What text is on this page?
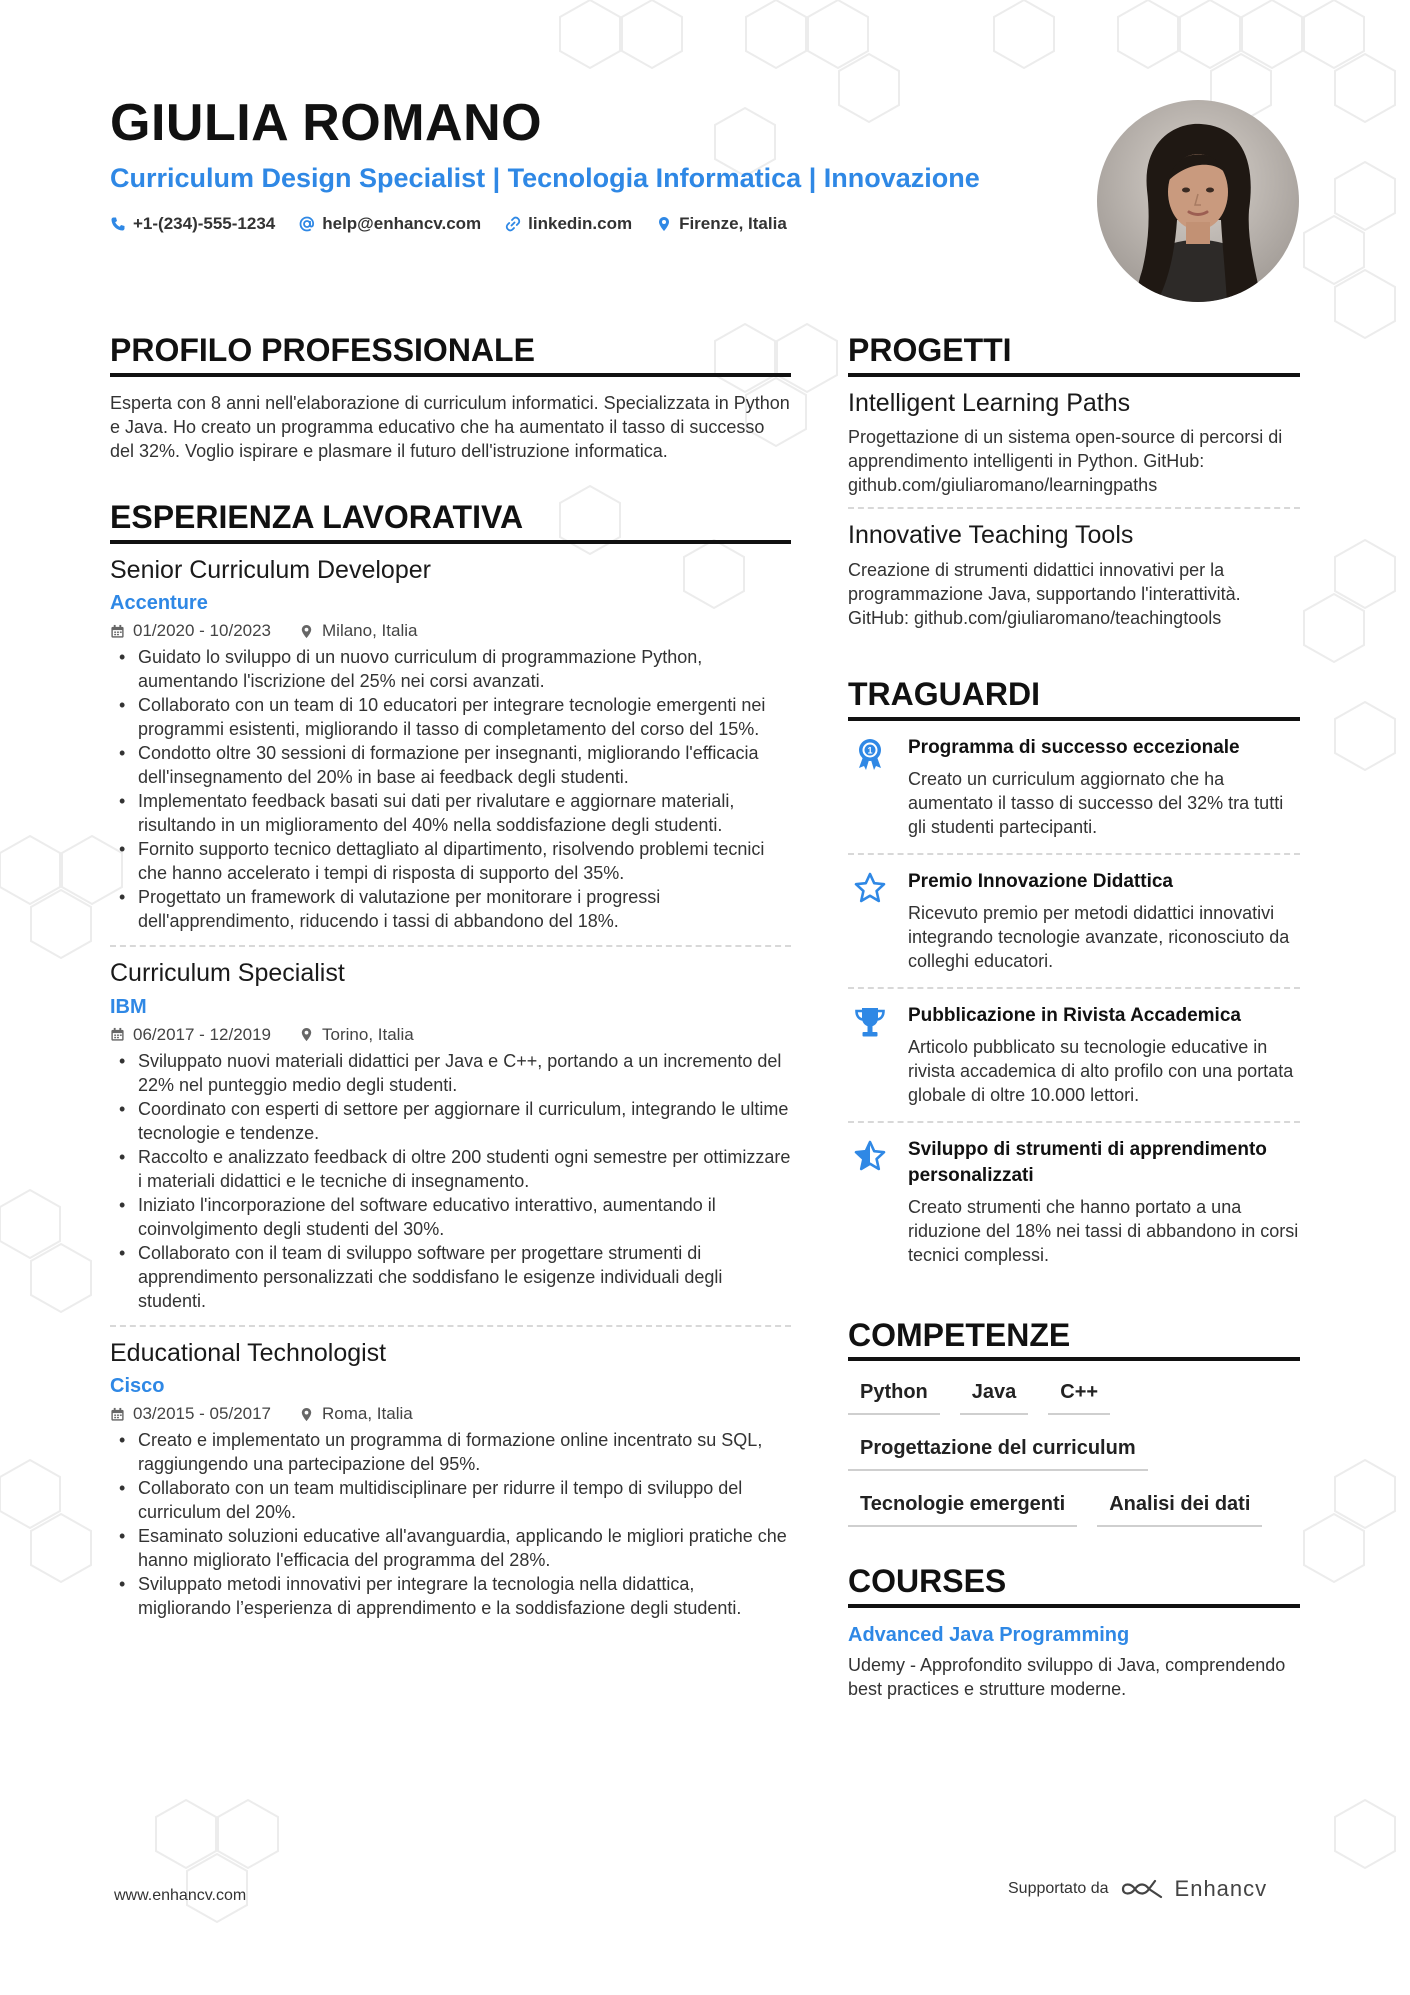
GIULIA ROMANO
Curriculum Design Specialist | Tecnologia Informatica | Innovazione
+1-(234)-555-1234	help@enhancv.com	linkedin.com	Firenze, Italia
PROFILO PROFESSIONALE
Esperta con 8 anni nell'elaborazione di curriculum informatici. Specializzata in Python e Java. Ho creato un programma educativo che ha aumentato il tasso di successo del 32%. Voglio ispirare e plasmare il futuro dell'istruzione informatica.
ESPERIENZA LAVORATIVA
Senior Curriculum Developer
Accenture
01/2020 - 10/2023	Milano, Italia
• Guidato lo sviluppo di un nuovo curriculum di programmazione Python, aumentando l'iscrizione del 25% nei corsi avanzati.
• Collaborato con un team di 10 educatori per integrare tecnologie emergenti nei programmi esistenti, migliorando il tasso di completamento del corso del 15%.
• Condotto oltre 30 sessioni di formazione per insegnanti, migliorando l'efficacia dell'insegnamento del 20% in base ai feedback degli studenti.
• Implementato feedback basati sui dati per rivalutare e aggiornare materiali, risultando in un miglioramento del 40% nella soddisfazione degli studenti.
• Fornito supporto tecnico dettagliato al dipartimento, risolvendo problemi tecnici che hanno accelerato i tempi di risposta di supporto del 35%.
• Progettato un framework di valutazione per monitorare i progressi dell'apprendimento, riducendo i tassi di abbandono del 18%.
Curriculum Specialist
IBM
06/2017 - 12/2019	Torino, Italia
• Sviluppato nuovi materiali didattici per Java e C++, portando a un incremento del 22% nel punteggio medio degli studenti.
• Coordinato con esperti di settore per aggiornare il curriculum, integrando le ultime tecnologie e tendenze.
• Raccolto e analizzato feedback di oltre 200 studenti ogni semestre per ottimizzare i materiali didattici e le tecniche di insegnamento.
• Iniziato l'incorporazione del software educativo interattivo, aumentando il coinvolgimento degli studenti del 30%.
• Collaborato con il team di sviluppo software per progettare strumenti di apprendimento personalizzati che soddisfano le esigenze individuali degli studenti.
Educational Technologist
Cisco
03/2015 - 05/2017	Roma, Italia
• Creato e implementato un programma di formazione online incentrato su SQL, raggiungendo una partecipazione del 95%.
• Collaborato con un team multidisciplinare per ridurre il tempo di sviluppo del curriculum del 20%.
• Esaminato soluzioni educative all'avanguardia, applicando le migliori pratiche che hanno migliorato l'efficacia del programma del 28%.
• Sviluppato metodi innovativi per integrare la tecnologia nella didattica, migliorando l’esperienza di apprendimento e la soddisfazione degli studenti.
PROGETTI
Intelligent Learning Paths
Progettazione di un sistema open-source di percorsi di apprendimento intelligenti in Python. GitHub: github.com/giuliaromano/learningpaths
Innovative Teaching Tools
Creazione di strumenti didattici innovativi per la programmazione Java, supportando l'interattività. GitHub: github.com/giuliaromano/teachingtools
TRAGUARDI
1 Programma di successo eccezionale
Creato un curriculum aggiornato che ha aumentato il tasso di successo del 32% tra tutti gli studenti partecipanti.
Premio Innovazione Didattica
Ricevuto premio per metodi didattici innovativi integrando tecnologie avanzate, riconosciuto da colleghi educatori.
Pubblicazione in Rivista Accademica
Articolo pubblicato su tecnologie educative in rivista accademica di alto profilo con una portata globale di oltre 10.000 lettori.
Sviluppo di strumenti di apprendimento personalizzati
Creato strumenti che hanno portato a una riduzione del 18% nei tassi di abbandono in corsi tecnici complessi.
COMPETENZE
Python	Java	C++
Progettazione del curriculum
Tecnologie emergenti	Analisi dei dati
COURSES
Advanced Java Programming
Udemy - Approfondito sviluppo di Java, comprendendo best practices e strutture moderne.
www.enhancv.com	Supportato da	Enhancv
